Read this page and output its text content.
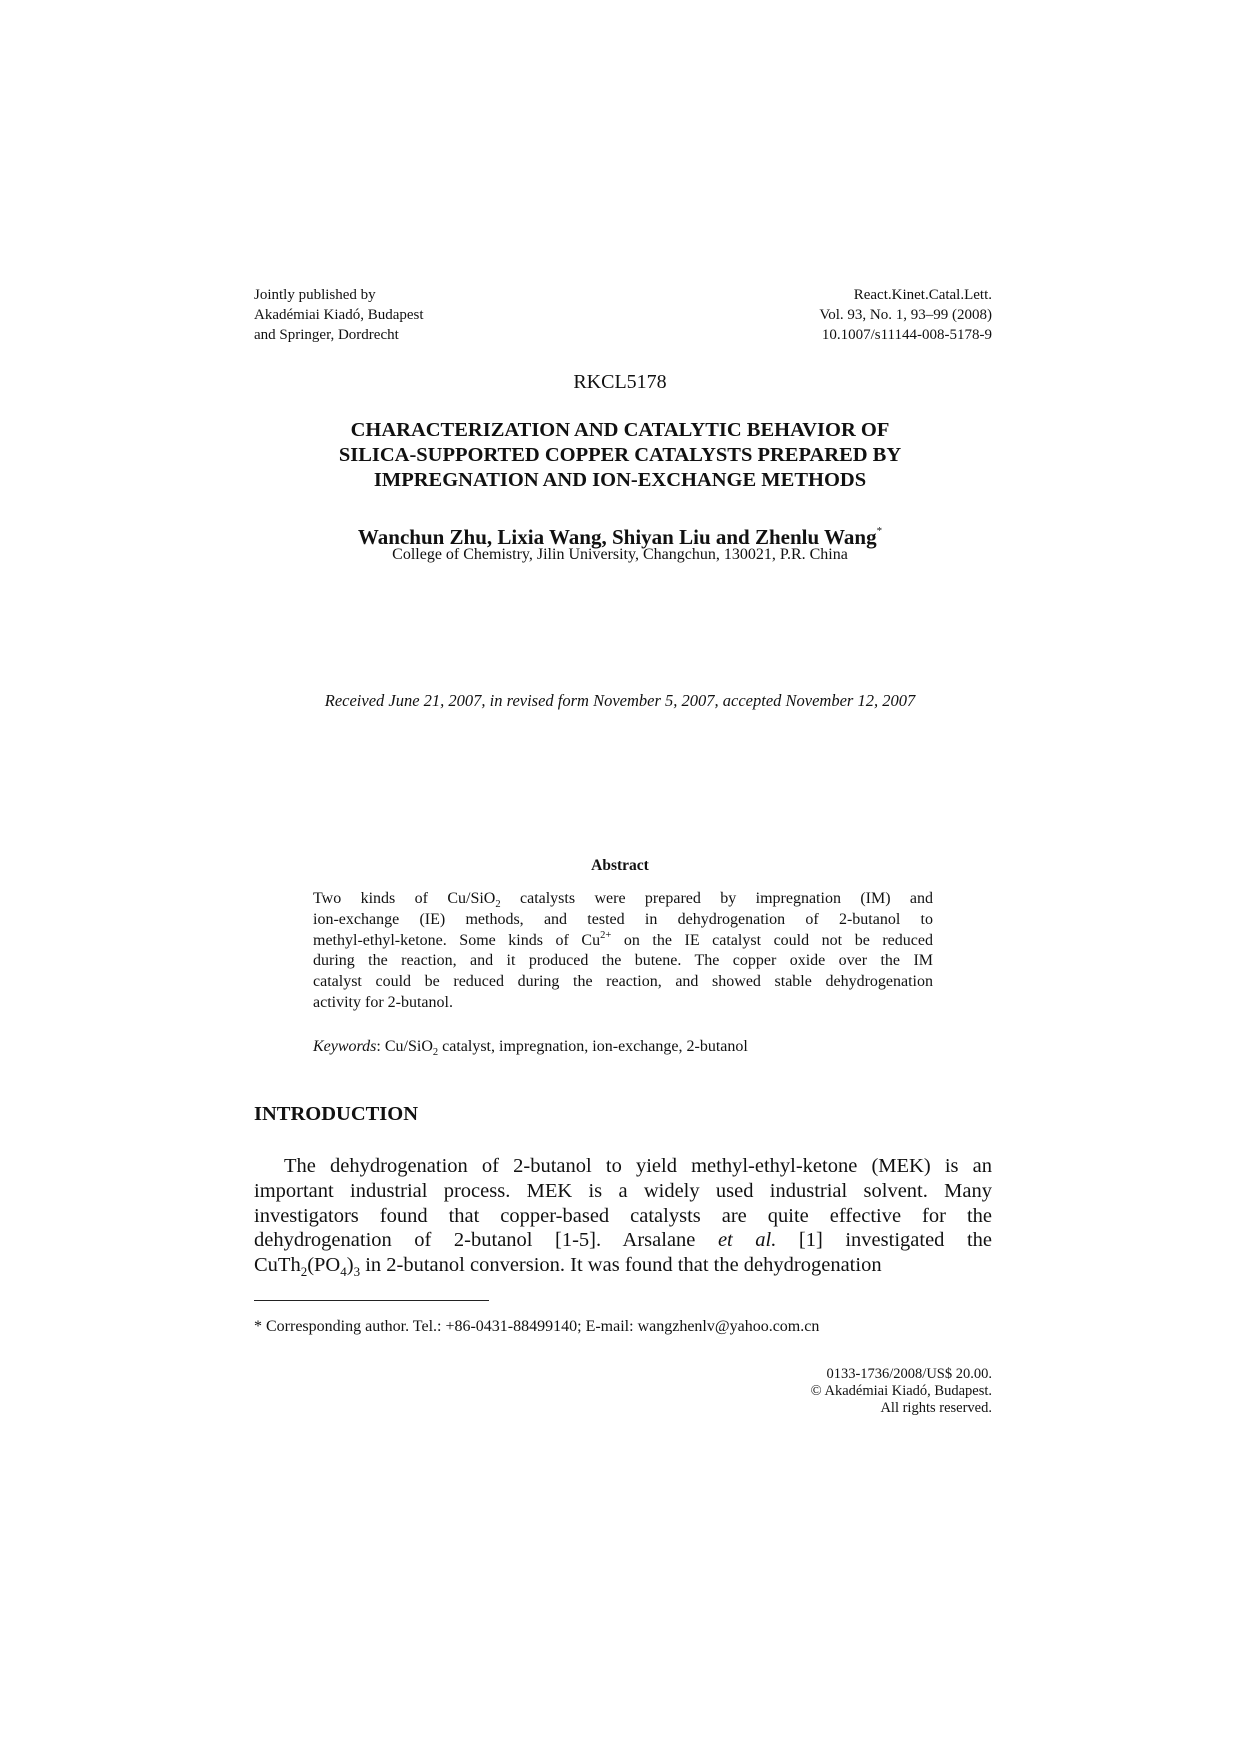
Jointly published by
Akadémiai Kiadó, Budapest
and Springer, Dordrecht
React.Kinet.Catal.Lett.
Vol. 93, No. 1, 93–99 (2008)
10.1007/s11144-008-5178-9
RKCL5178
CHARACTERIZATION AND CATALYTIC BEHAVIOR OF
SILICA-SUPPORTED COPPER CATALYSTS PREPARED BY
IMPREGNATION AND ION-EXCHANGE METHODS
Wanchun Zhu, Lixia Wang, Shiyan Liu and Zhenlu Wang*
College of Chemistry, Jilin University, Changchun, 130021, P.R. China
Received June 21, 2007, in revised form November 5, 2007, accepted November 12, 2007
Abstract
Two kinds of Cu/SiO$_2$ catalysts were prepared by impregnation (IM) and
ion-exchange (IE) methods, and tested in dehydrogenation of 2-butanol to
methyl-ethyl-ketone. Some kinds of $Cu^{2+}$ on the IE catalyst could not be reduced
during the reaction, and it produced the butene. The copper oxide over the IM
catalyst could be reduced during the reaction, and showed stable dehydrogenation
activity for 2-butanol.
Keywords: Cu/SiO$_2$ catalyst, impregnation, ion-exchange, 2-butanol
INTRODUCTION
The dehydrogenation of 2-butanol to yield methyl-ethyl-ketone (MEK) is an
important industrial process. MEK is a widely used industrial solvent. Many
investigators found that copper-based catalysts are quite effective for the
dehydrogenation of 2-butanol [1-5]. Arsalane et al. [1] investigated the
$CuTh_2(PO_4)_3$ in 2-butanol conversion. It was found that the dehydrogenation
* Corresponding author. Tel.: +86-0431-88499140; E-mail: wangzhenlv@yahoo.com.cn
0133-1736/2008/US$ 20.00.
© Akadémiai Kiadó, Budapest.
All rights reserved.
